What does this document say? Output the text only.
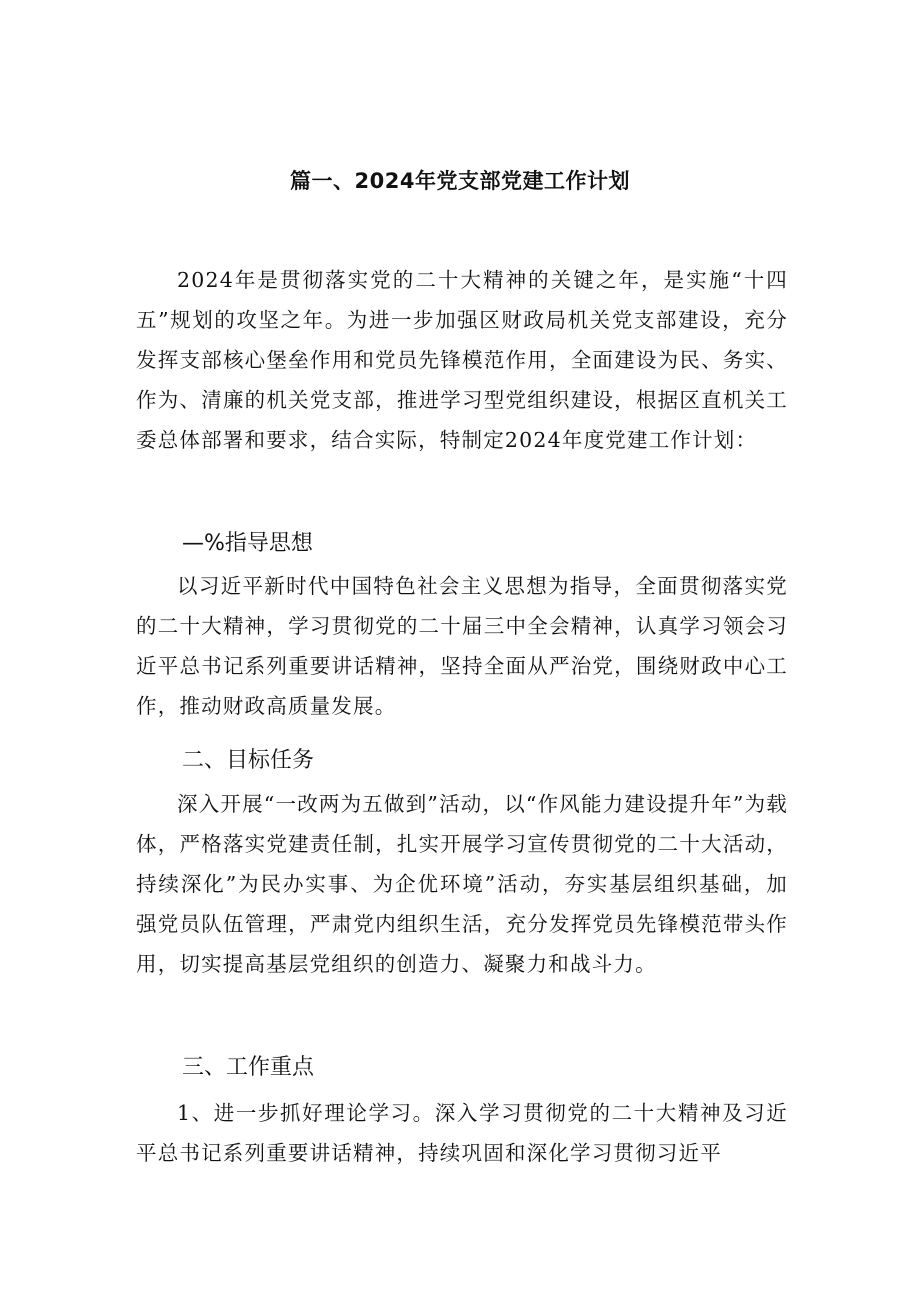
篇一、2024年党支部党建工作计划
2024年是贯彻落实党的二十大精神的关键之年，是实施“十四五”规划的攻坚之年。为进一步加强区财政局机关党支部建设，充分发挥支部核心堡垒作用和党员先锋模范作用，全面建设为民、务实、作为、清廉的机关党支部，推进学习型党组织建设，根据区直机关工委总体部署和要求，结合实际，特制定2024年度党建工作计划：
—%指导思想
以习近平新时代中国特色社会主义思想为指导，全面贯彻落实党的二十大精神，学习贯彻党的二十届三中全会精神，认真学习领会习近平总书记系列重要讲话精神，坚持全面从严治党，围绕财政中心工作，推动财政高质量发展。
二、目标任务
深入开展“一改两为五做到”活动，以“作风能力建设提升年”为载体，严格落实党建责任制，扎实开展学习宣传贯彻党的二十大活动，持续深化”为民办实事、为企优环境”活动，夯实基层组织基础，加强党员队伍管理，严肃党内组织生活，充分发挥党员先锋模范带头作用，切实提高基层党组织的创造力、凝聚力和战斗力。
三、工作重点
1、进一步抓好理论学习。深入学习贯彻党的二十大精神及习近平总书记系列重要讲话精神，持续巩固和深化学习贯彻习近平
